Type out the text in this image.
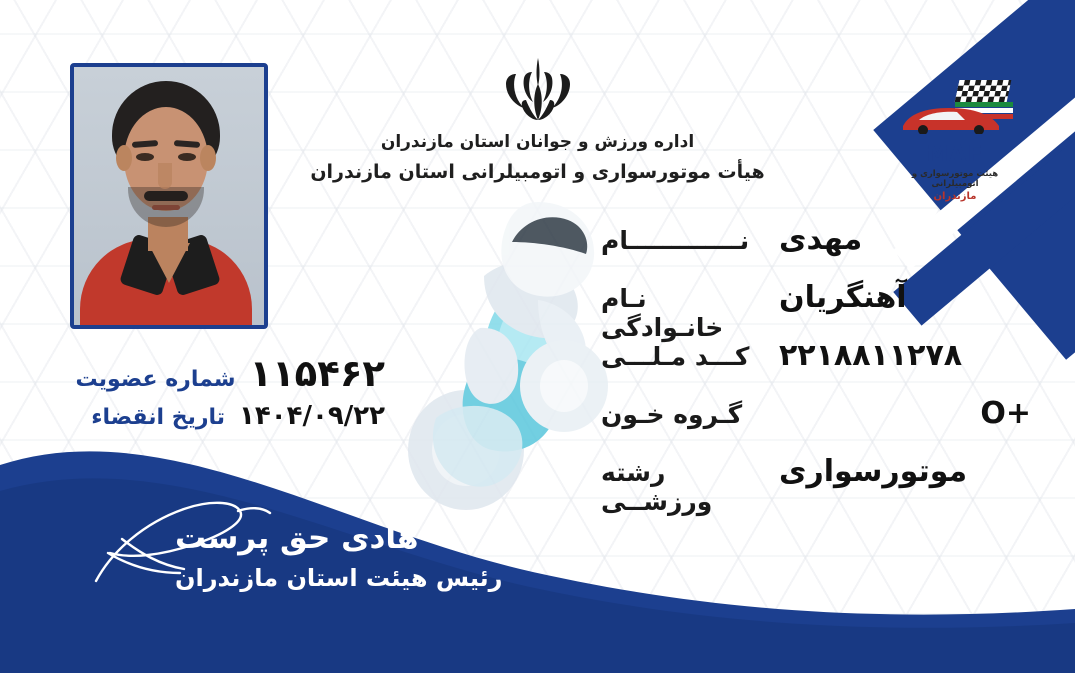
اداره ورزش و جوانان استان مازندران
هیأت موتورسواری و اتومبیلرانی استان مازندران
MAF
هیئت موتورسواری و اتومبیلرانی
مازندران
مهدی
نـــــــــــــام
آهنگریان
نـام خانـوادگی
۲۲۱۸۸۱۱۲۷۸
کـــد مـلـــی
O+
گـروه خـون
موتورسواری
رشته ورزشــی
۱۱۵۴۶۲
شماره عضویت
۱۴۰۴/۰۹/۲۲
تاریخ انقضاء
هادی حق پرست
رئیس هیئت استان مازندران
